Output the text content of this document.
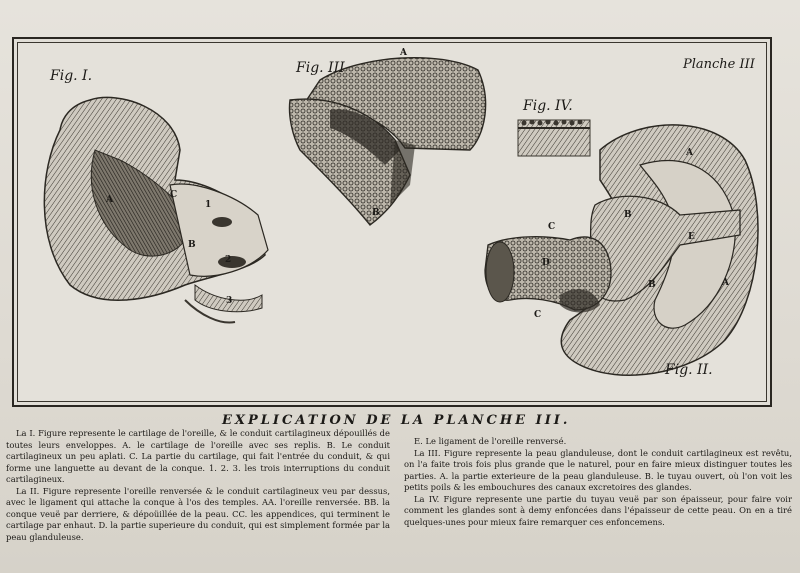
Planche III
Fig. I.	Fig. III
Fig. IV.
Fig. II.
A	C
B
1
2
3
A
B
A
A
B
B
C
C
D
E
EXPLICATION DE LA PLANCHE III.

La I. Figure represente le cartilage de l'oreille, & le conduit cartilagineux dépouillés de toutes leurs enveloppes. A. le cartilage de l'oreille avec ses replis. B. Le conduit cartilagineux un peu aplati. C. La partie du cartilage, qui fait l'entrée du conduit, & qui forme une languette au devant de la conque. 1. 2. 3. les trois interruptions du conduit cartilagineux.

La II. Figure represente l'oreille renversée & le conduit cartilagineux veu par dessus, avec le ligament qui attache la conque à l'os des temples. AA. l'oreille renversée. BB. la conque veuë par derriere, & dépoüillée de la peau. CC. les appendices, qui terminent le cartilage par enhaut. D. la partie superieure du conduit, qui est simplement formée par la peau glanduleuse.

E. Le ligament de l'oreille renversé.

La III. Figure represente la peau glanduleuse, dont le conduit cartilagineux est revêtu, on l'a faite trois fois plus grande que le naturel, pour en faire mieux distinguer toutes les parties. A. la partie exterieure de la peau glanduleuse. B. le tuyau ouvert, où l'on voit les petits poils & les embouchures des canaux excretoires des glandes.

La IV. Figure represente une partie du tuyau veuë par son épaisseur, pour faire voir comment les glandes sont à demy enfoncées dans l'épaisseur de cette peau. On en a tiré quelques-unes pour mieux faire remarquer ces enfoncemens.
